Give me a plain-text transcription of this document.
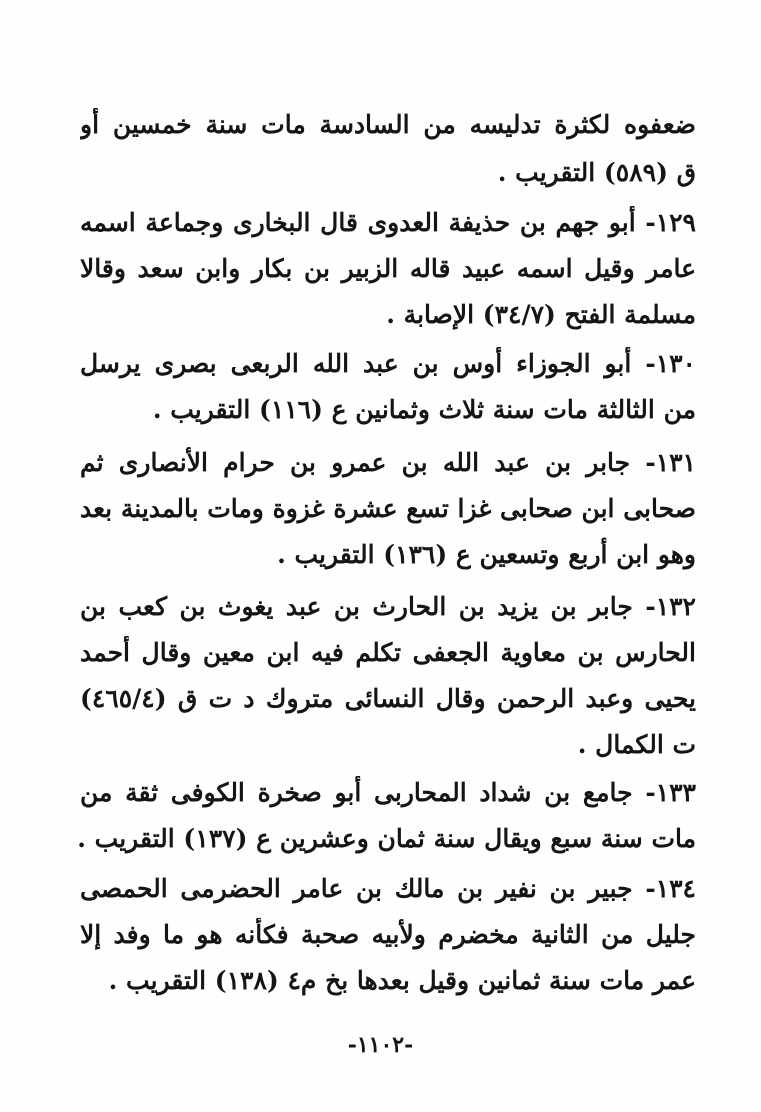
ضعفوه لكثرة تدليسه من السادسة مات سنة خمسين أو
ق (٥٨٩) التقريب .
١٢٩- أبو جهم بن حذيفة العدوى قال البخارى وجماعة اسمه
عامر وقيل اسمه عبيد قاله الزبير بن بكار وابن سعد وقالا
مسلمة الفتح (٣٤/٧) الإصابة .
١٣٠- أبو الجوزاء أوس بن عبد الله الربعى بصرى يرسل
من الثالثة مات سنة ثلاث وثمانين ع (١١٦) التقريب .
١٣١- جابر بن عبد الله بن عمرو بن حرام الأنصارى ثم
صحابى ابن صحابى غزا تسع عشرة غزوة ومات بالمدينة بعد
وهو ابن أربع وتسعين ع (١٣٦) التقريب .
١٣٢- جابر بن يزيد بن الحارث بن عبد يغوث بن كعب بن
الحارس بن معاوية الجعفى تكلم فيه ابن معين وقال أحمد
يحيى وعبد الرحمن وقال النسائى متروك د ت ق (٤٦٥/٤)
ت الكمال .
١٣٣- جامع بن شداد المحاربى أبو صخرة الكوفى ثقة من
مات سنة سبع ويقال سنة ثمان وعشرين ع (١٣٧) التقريب .
١٣٤- جبير بن نفير بن مالك بن عامر الحضرمى الحمصى
جليل من الثانية مخضرم ولأبيه صحبة فكأنه هو ما وفد إلا
عمر مات سنة ثمانين وقيل بعدها بخ م٤ (١٣٨) التقريب .
-١١٠٢-
